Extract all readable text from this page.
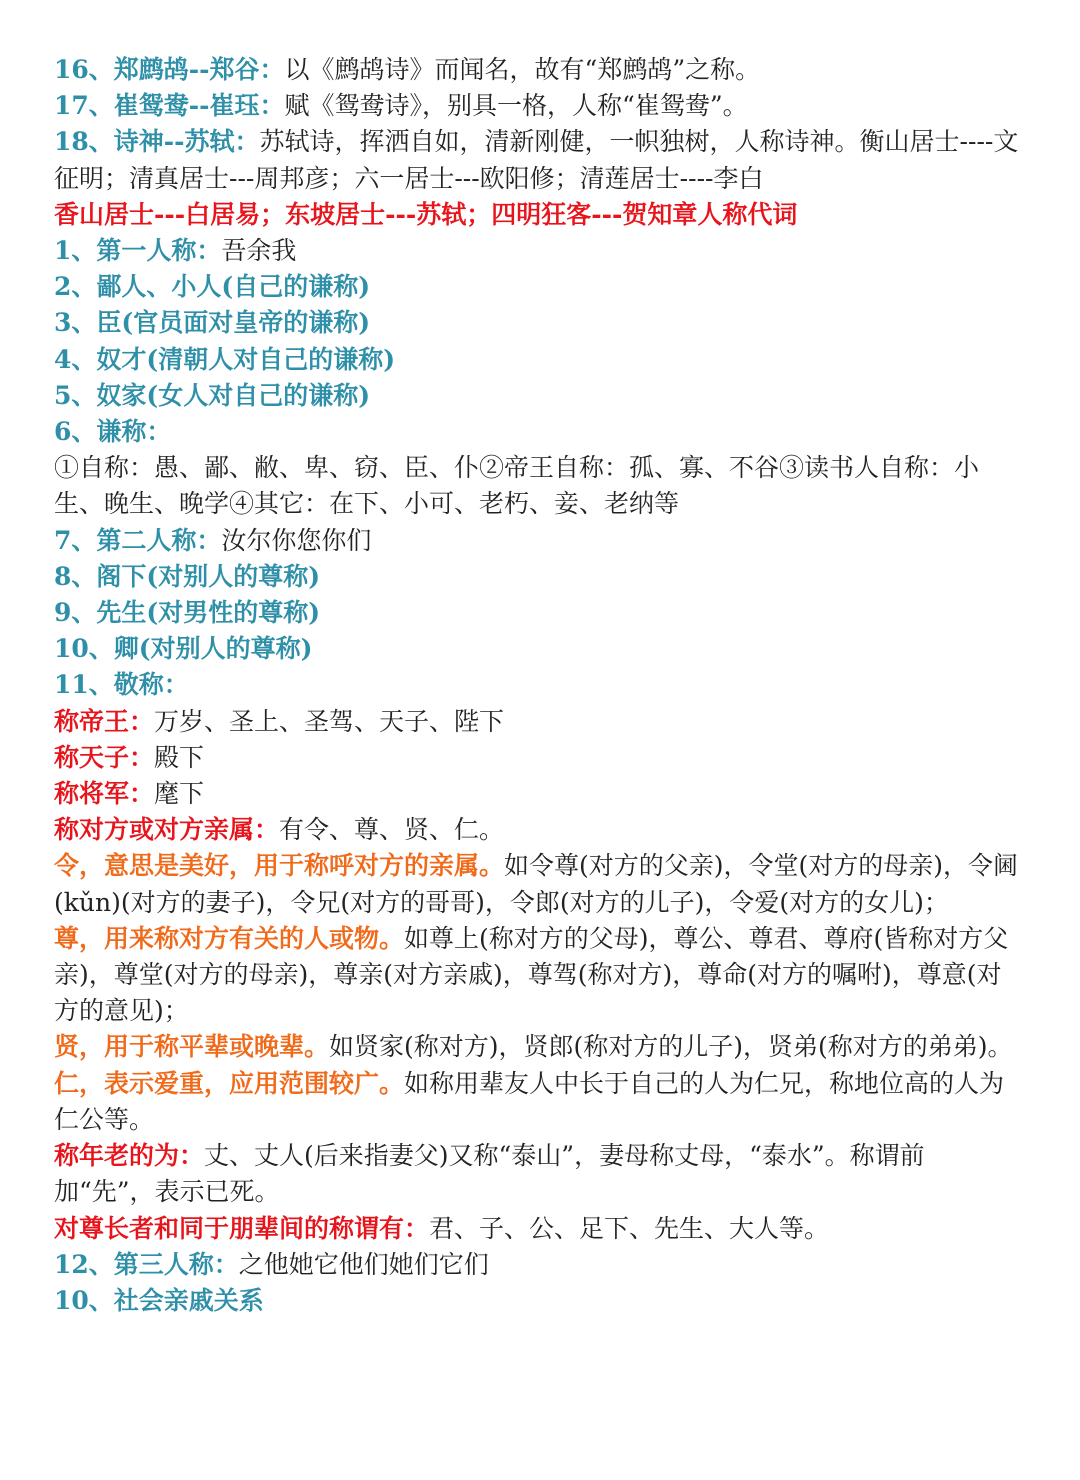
16、郑鹧鸪--郑谷：以《鹧鸪诗》而闻名，故有“郑鹧鸪”之称。
17、崔鸳鸯--崔珏：赋《鸳鸯诗》，别具一格，人称“崔鸳鸯”。
18、诗神--苏轼：苏轼诗，挥洒自如，清新刚健，一帜独树，人称诗神。衡山居士----文征明；清真居士---周邦彦；六一居士---欧阳修；清莲居士----李白
香山居士---白居易；东坡居士---苏轼；四明狂客---贺知章人称代词
1、第一人称：吾余我
2、鄙人、小人(自己的谦称)
3、臣(官员面对皇帝的谦称)
4、奴才(清朝人对自己的谦称)
5、奴家(女人对自己的谦称)
6、谦称：
①自称：愚、鄙、敝、卑、窃、臣、仆②帝王自称：孤、寡、不谷③读书人自称：小生、晚生、晚学④其它：在下、小可、老朽、妾、老纳等
7、第二人称：汝尔你您你们
8、阁下(对别人的尊称)
9、先生(对男性的尊称)
10、卿(对别人的尊称)
11、敬称：
称帝王：万岁、圣上、圣驾、天子、陛下
称天子：殿下
称将军：麾下
称对方或对方亲属：有令、尊、贤、仁。
令，意思是美好，用于称呼对方的亲属。如令尊(对方的父亲)，令堂(对方的母亲)，令阃(kǔn)(对方的妻子)，令兄(对方的哥哥)，令郎(对方的儿子)，令爱(对方的女儿)；
尊，用来称对方有关的人或物。如尊上(称对方的父母)，尊公、尊君、尊府(皆称对方父亲)，尊堂(对方的母亲)，尊亲(对方亲戚)，尊驾(称对方)，尊命(对方的嘱咐)，尊意(对方的意见)；
贤，用于称平辈或晚辈。如贤家(称对方)，贤郎(称对方的儿子)，贤弟(称对方的弟弟)。
仁，表示爱重，应用范围较广。如称用辈友人中长于自己的人为仁兄，称地位高的人为仁公等。
称年老的为：丈、丈人(后来指妻父)又称“泰山”，妻母称丈母，“泰水”。称谓前加“先”，表示已死。
对尊长者和同于朋辈间的称谓有：君、子、公、足下、先生、大人等。
12、第三人称：之他她它他们她们它们
10、社会亲戚关系
